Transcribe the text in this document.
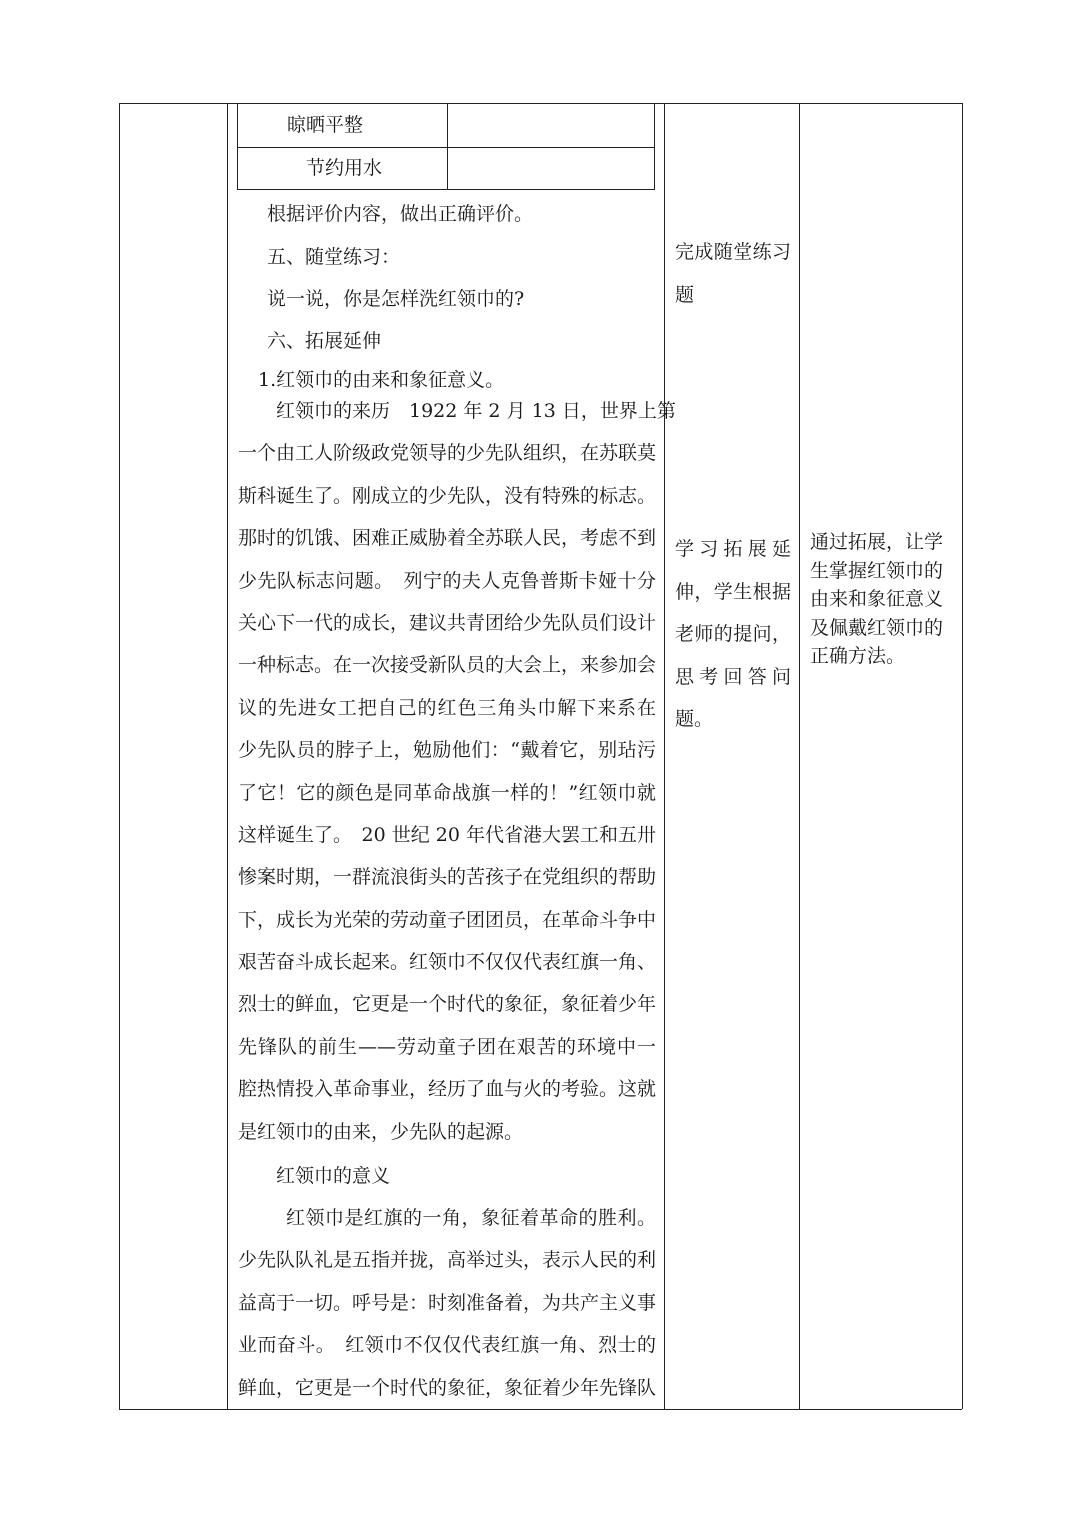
晾晒平整
节约用水
根据评价内容，做出正确评价。
五、随堂练习：
说一说，你是怎样洗红领巾的?
六、拓展延伸
1.红领巾的由来和象征意义。
红领巾的来历　1922 年 2 月 13 日，世界上第
一个由工人阶级政党领导的少先队组织，在苏联莫
斯科诞生了。刚成立的少先队，没有特殊的标志。
那时的饥饿、困难正威胁着全苏联人民，考虑不到
少先队标志问题。　列宁的夫人克鲁普斯卡娅十分
关心下一代的成长，建议共青团给少先队员们设计
一种标志。在一次接受新队员的大会上，来参加会
议的先进女工把自己的红色三角头巾解下来系在
少先队员的脖子上，勉励他们：“戴着它，别玷污
了它！它的颜色是同革命战旗一样的！”红领巾就
这样诞生了。　20 世纪 20 年代省港大罢工和五卅
惨案时期，一群流浪街头的苦孩子在党组织的帮助
下，成长为光荣的劳动童子团团员，在革命斗争中
艰苦奋斗成长起来。红领巾不仅仅代表红旗一角、
烈士的鲜血，它更是一个时代的象征，象征着少年
先锋队的前生——劳动童子团在艰苦的环境中一
腔热情投入革命事业，经历了血与火的考验。这就
是红领巾的由来，少先队的起源。
红领巾的意义
红领巾是红旗的一角，象征着革命的胜利。
少先队队礼是五指并拢，高举过头，表示人民的利
益高于一切。呼号是：时刻准备着，为共产主义事
业而奋斗。　红领巾不仅仅代表红旗一角、烈士的
鲜血，它更是一个时代的象征，象征着少年先锋队
完成随堂练习
题
学习拓展延
伸，学生根据
老师的提问，
思考回答问
题。
通过拓展，让学
生掌握红领巾的
由来和象征意义
及佩戴红领巾的
正确方法。
